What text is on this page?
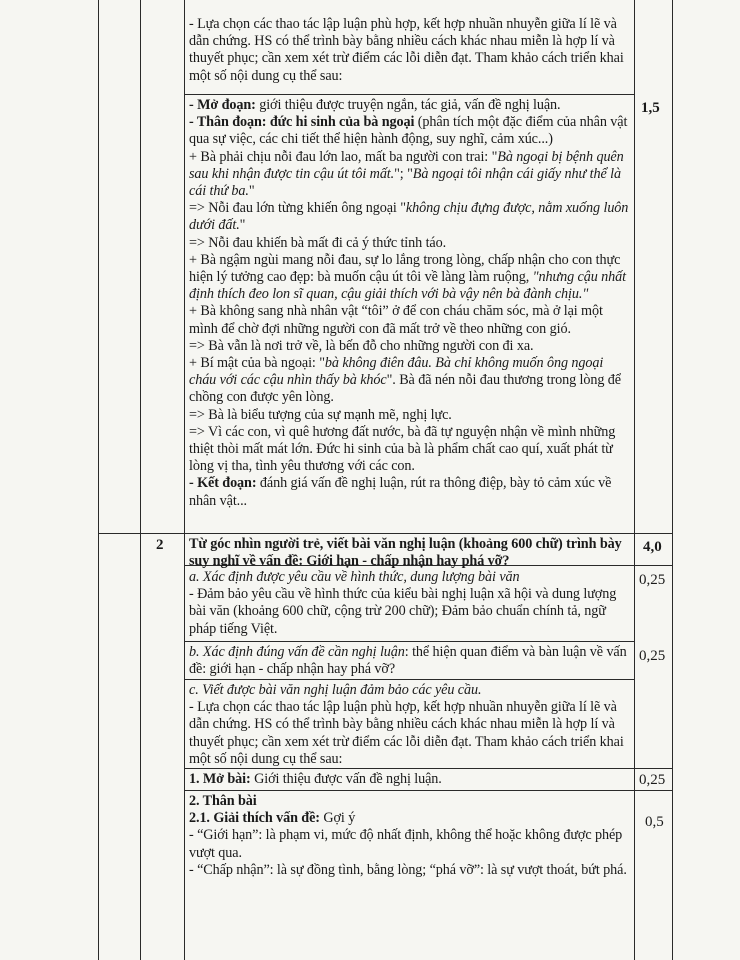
- Lựa chọn các thao tác lập luận phù hợp, kết hợp nhuần nhuyễn giữa lí lẽ và dẫn chứng. HS có thể trình bày bằng nhiều cách khác nhau miễn là hợp lí và thuyết phục; cần xem xét trừ điểm các lỗi diễn đạt. Tham khảo cách triển khai một số nội dung cụ thể sau:

- Mở đoạn: giới thiệu được truyện ngắn, tác giả, vấn đề nghị luận.

- Thân đoạn: đức hi sinh của bà ngoại (phân tích một đặc điểm của nhân vật qua sự việc, các chi tiết thể hiện hành động, suy nghĩ, cảm xúc...)

+ Bà phải chịu nỗi đau lớn lao, mất ba người con trai: "Bà ngoại bị bệnh quên sau khi nhận được tin cậu út tôi mất."; "Bà ngoại tôi nhận cái giấy như thể là cái thứ ba."

=> Nỗi đau lớn từng khiến ông ngoại "không chịu đựng được, nằm xuống luôn dưới đất."

=> Nỗi đau khiến bà mất đi cả ý thức tỉnh táo.

+ Bà ngậm ngùi mang nỗi đau, sự lo lắng trong lòng, chấp nhận cho con thực hiện lý tưởng cao đẹp: bà muốn cậu út tôi về làng làm ruộng, "nhưng cậu nhất định thích đeo lon sĩ quan, cậu giải thích với bà vậy nên bà đành chịu."

+ Bà không sang nhà nhân vật “tôi” ở để con cháu chăm sóc, mà ở lại một mình để chờ đợi những người con đã mất trở về theo những con gió.

=> Bà vẫn là nơi trở về, là bến đỗ cho những người con đi xa.

+ Bí mật của bà ngoại: "bà không điên đâu. Bà chỉ không muốn ông ngoại cháu với các cậu nhìn thấy bà khóc". Bà đã nén nỗi đau thương trong lòng để chồng con được yên lòng.

=> Bà là biểu tượng của sự mạnh mẽ, nghị lực.

=> Vì các con, vì quê hương đất nước, bà đã tự nguyện nhận về mình những thiệt thòi mất mát lớn. Đức hi sinh của bà là phẩm chất cao quí, xuất phát từ lòng vị tha, tình yêu thương với các con.

- Kết đoạn: đánh giá vấn đề nghị luận, rút ra thông điệp, bày tỏ cảm xúc về nhân vật...

1,5
2 Từ góc nhìn người trẻ, viết bài văn nghị luận (khoảng 600 chữ) trình bày suy nghĩ về vấn đề: Giới hạn - chấp nhận hay phá vỡ?

4,0

a. Xác định được yêu cầu về hình thức, dung lượng bài văn

- Đảm bảo yêu cầu về hình thức của kiểu bài nghị luận xã hội và dung lượng bài văn (khoảng 600 chữ, cộng trừ 200 chữ); Đảm bảo chuẩn chính tả, ngữ pháp tiếng Việt.

0,25

b. Xác định đúng vấn đề cần nghị luận: thể hiện quan điểm và bàn luận về vấn đề: giới hạn - chấp nhận hay phá vỡ?

0,25

c. Viết được bài văn nghị luận đảm bảo các yêu cầu.

- Lựa chọn các thao tác lập luận phù hợp, kết hợp nhuần nhuyễn giữa lí lẽ và dẫn chứng. HS có thể trình bày bằng nhiều cách khác nhau miễn là hợp lí và thuyết phục; cần xem xét trừ điểm các lỗi diễn đạt. Tham khảo cách triển khai một số nội dung cụ thể sau:

1. Mở bài: Giới thiệu được vấn đề nghị luận.	0,25

2. Thân bài

2.1. Giải thích vấn đề: Gợi ý

- “Giới hạn”: là phạm vi, mức độ nhất định, không thể hoặc không được phép vượt qua.

- “Chấp nhận”: là sự đồng tình, bằng lòng; “phá vỡ”: là sự vượt thoát, bứt phá.

0,5
